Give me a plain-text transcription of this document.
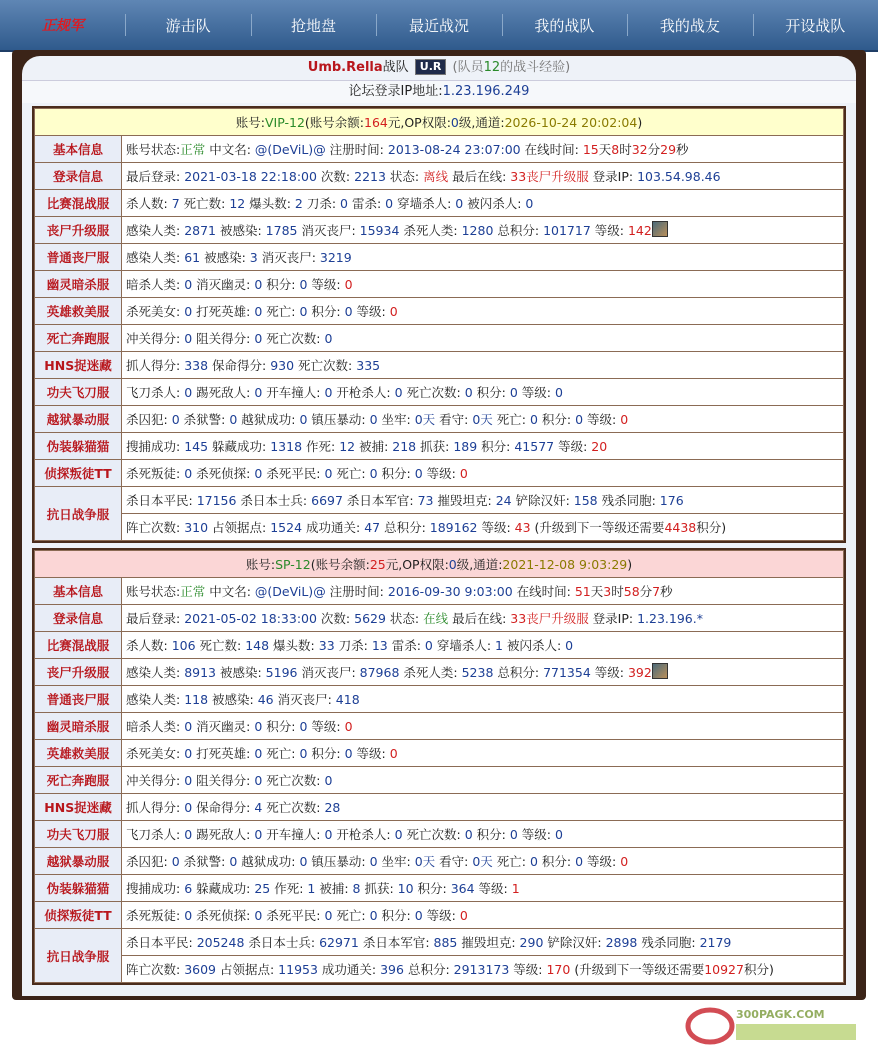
正规军	游击队	抢地盘	最近战况	我的战队	我的战友	开设战队
Umb.Rella战队 U.R (队员12的战斗经验)
论坛登录IP地址:1.23.196.249
账号:VIP-12(账号余额:164元,OP权限:0级,通道:2026-10-24 20:02:04)	
基本信息	账号状态:正常 中文名: @(DeViL)@ 注册时间: 2013-08-24 23:07:00 在线时间: 15天8时32分29秒
登录信息	最后登录: 2021-03-18 22:18:00 次数: 2213 状态: 离线 最后在线: 33丧尸升级服 登录IP: 103.54.98.46
比赛混战服	杀人数: 7 死亡数: 12 爆头数: 2 刀杀: 0 雷杀: 0 穿墙杀人: 0 被闪杀人: 0
丧尸升级服	感染人类: 2871 被感染: 1785 消灭丧尸: 15934 杀死人类: 1280 总积分: 101717 等级: 142
普通丧尸服	感染人类: 61 被感染: 3 消灭丧尸: 3219
幽灵暗杀服	暗杀人类: 0 消灭幽灵: 0 积分: 0 等级: 0
英雄救美服	杀死美女: 0 打死英雄: 0 死亡: 0 积分: 0 等级: 0
死亡奔跑服	冲关得分: 0 阻关得分: 0 死亡次数: 0
HNS捉迷藏	抓人得分: 338 保命得分: 930 死亡次数: 335
功夫飞刀服	飞刀杀人: 0 踢死敌人: 0 开车撞人: 0 开枪杀人: 0 死亡次数: 0 积分: 0 等级: 0
越狱暴动服	杀囚犯: 0 杀狱警: 0 越狱成功: 0 镇压暴动: 0 坐牢: 0天 看守: 0天 死亡: 0 积分: 0 等级: 0
伪装躲猫猫	搜捕成功: 145 躲藏成功: 1318 作死: 12 被捕: 218 抓获: 189 积分: 41577 等级: 20
侦探叛徒TT	杀死叛徒: 0 杀死侦探: 0 杀死平民: 0 死亡: 0 积分: 0 等级: 0
抗日战争服	杀日本平民: 17156 杀日本士兵: 6697 杀日本军官: 73 摧毁坦克: 24 铲除汉奸: 158 残杀同胞: 176
	阵亡次数: 310 占领据点: 1524 成功通关: 47 总积分: 189162 等级: 43 (升级到下一等级还需要4438积分)
账号:SP-12(账号余额:25元,OP权限:0级,通道:2021-12-08 9:03:29)	
基本信息	账号状态:正常 中文名: @(DeViL)@ 注册时间: 2016-09-30 9:03:00 在线时间: 51天3时58分7秒
登录信息	最后登录: 2021-05-02 18:33:00 次数: 5629 状态: 在线 最后在线: 33丧尸升级服 登录IP: 1.23.196.*
比赛混战服	杀人数: 106 死亡数: 148 爆头数: 33 刀杀: 13 雷杀: 0 穿墙杀人: 1 被闪杀人: 0
丧尸升级服	感染人类: 8913 被感染: 5196 消灭丧尸: 87968 杀死人类: 5238 总积分: 771354 等级: 392
普通丧尸服	感染人类: 118 被感染: 46 消灭丧尸: 418
幽灵暗杀服	暗杀人类: 0 消灭幽灵: 0 积分: 0 等级: 0
英雄救美服	杀死美女: 0 打死英雄: 0 死亡: 0 积分: 0 等级: 0
死亡奔跑服	冲关得分: 0 阻关得分: 0 死亡次数: 0
HNS捉迷藏	抓人得分: 0 保命得分: 4 死亡次数: 28
功夫飞刀服	飞刀杀人: 0 踢死敌人: 0 开车撞人: 0 开枪杀人: 0 死亡次数: 0 积分: 0 等级: 0
越狱暴动服	杀囚犯: 0 杀狱警: 0 越狱成功: 0 镇压暴动: 0 坐牢: 0天 看守: 0天 死亡: 0 积分: 0 等级: 0
伪装躲猫猫	搜捕成功: 6 躲藏成功: 25 作死: 1 被捕: 8 抓获: 10 积分: 364 等级: 1
侦探叛徒TT	杀死叛徒: 0 杀死侦探: 0 杀死平民: 0 死亡: 0 积分: 0 等级: 0
抗日战争服	杀日本平民: 205248 杀日本士兵: 62971 杀日本军官: 885 摧毁坦克: 290 铲除汉奸: 2898 残杀同胞: 2179
	阵亡次数: 3609 占领据点: 11953 成功通关: 396 总积分: 2913173 等级: 170 (升级到下一等级还需要10927积分)
300PAGK.COM
